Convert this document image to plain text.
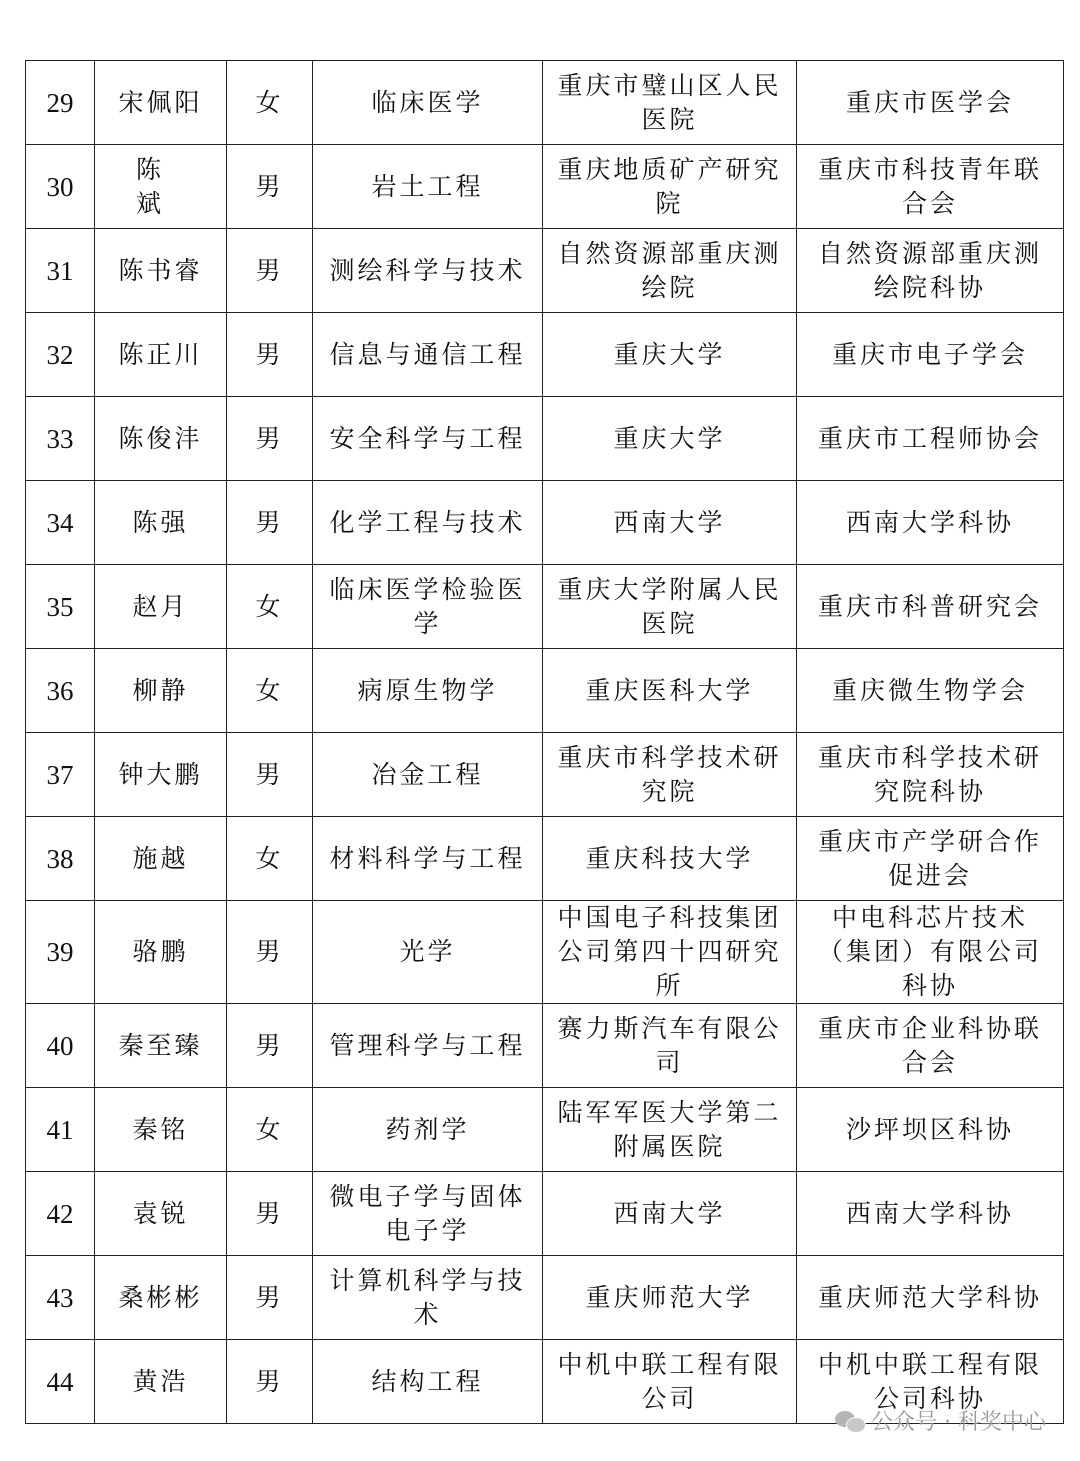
29	宋佩阳	女	临床医学	重庆市璧山区人民医院	重庆市医学会
30	陈　斌	男	岩土工程	重庆地质矿产研究院	重庆市科技青年联合会
31	陈书睿	男	测绘科学与技术	自然资源部重庆测绘院	自然资源部重庆测绘院科协
32	陈正川	男	信息与通信工程	重庆大学	重庆市电子学会
33	陈俊沣	男	安全科学与工程	重庆大学	重庆市工程师协会
34	陈强	男	化学工程与技术	西南大学	西南大学科协
35	赵月	女	临床医学检验医学	重庆大学附属人民医院	重庆市科普研究会
36	柳静	女	病原生物学	重庆医科大学	重庆微生物学会
37	钟大鹏	男	冶金工程	重庆市科学技术研究院	重庆市科学技术研究院科协
38	施越	女	材料科学与工程	重庆科技大学	重庆市产学研合作促进会
39	骆鹏	男	光学	中国电子科技集团公司第四十四研究所	中电科芯片技术（集团）有限公司科协
40	秦至臻	男	管理科学与工程	赛力斯汽车有限公司	重庆市企业科协联合会
41	秦铭	女	药剂学	陆军军医大学第二附属医院	沙坪坝区科协
42	袁锐	男	微电子学与固体电子学	西南大学	西南大学科协
43	桑彬彬	男	计算机科学与技术	重庆师范大学	重庆师范大学科协
44	黄浩	男	结构工程	中机中联工程有限公司	中机中联工程有限公司科协
公众号 · 科奖中心
